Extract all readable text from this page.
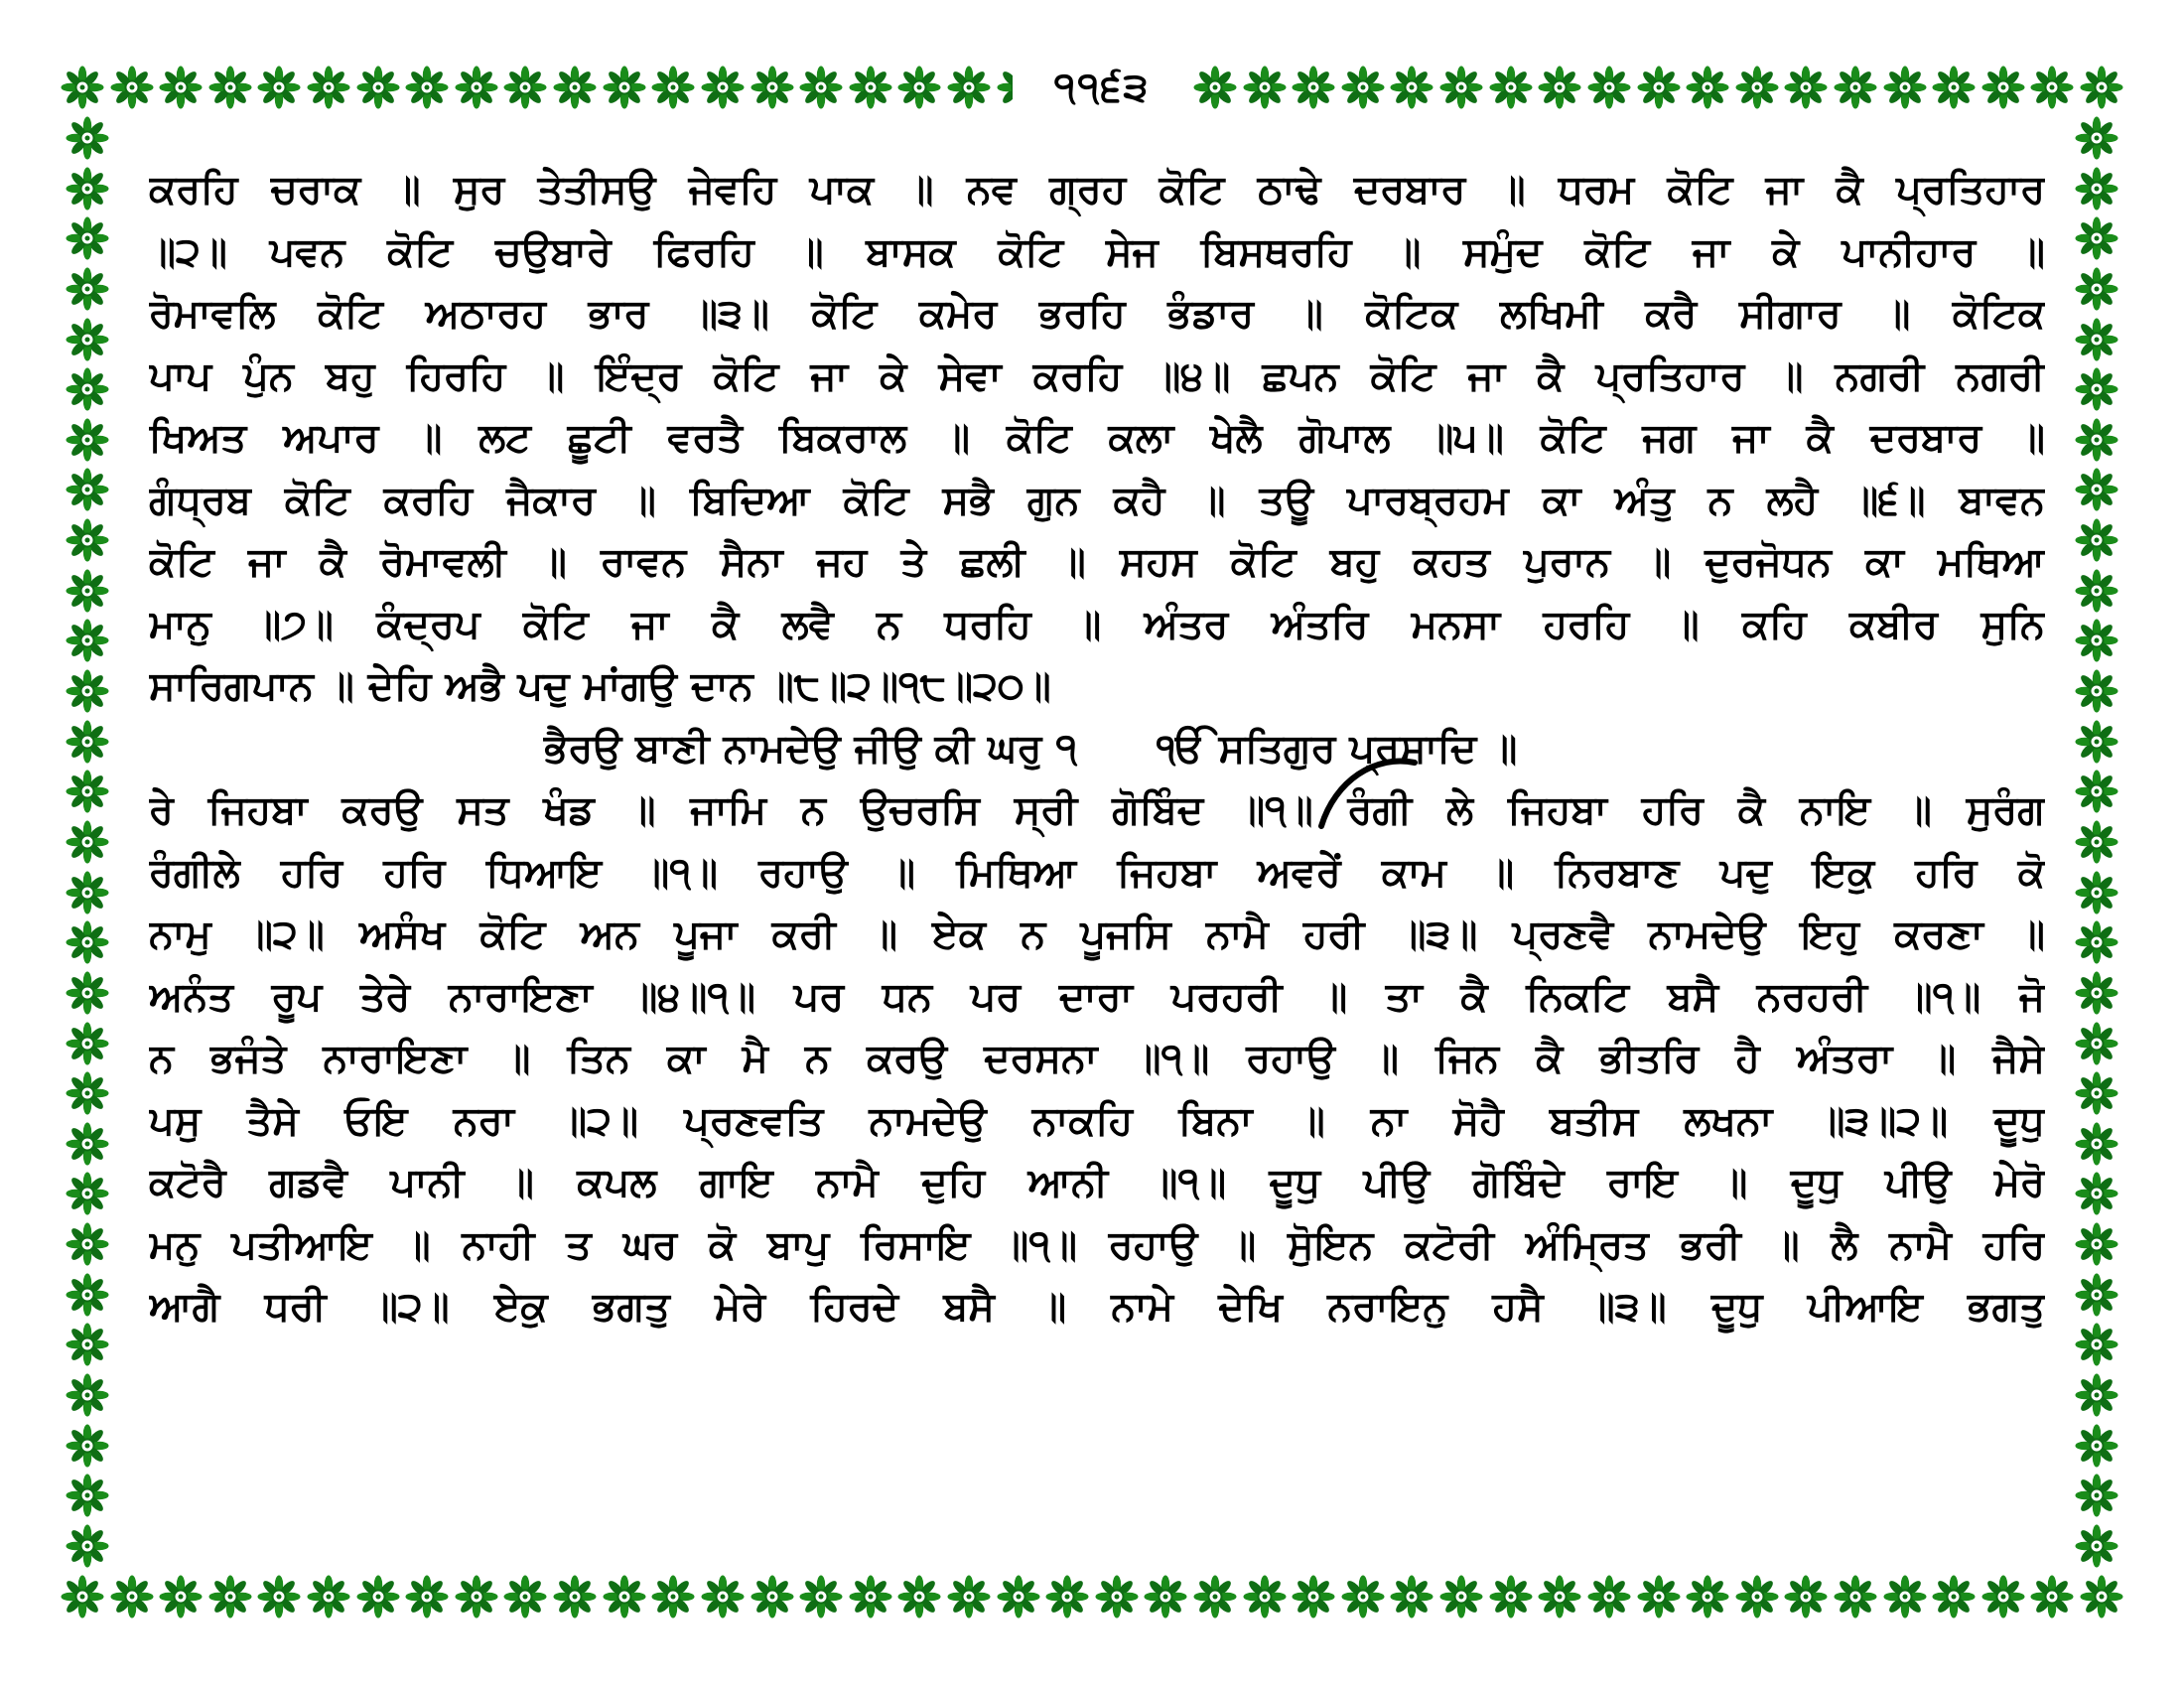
੧੧੬੩
ਕਰਹਿ ਚਰਾਕ ॥ ਸੁਰ ਤੇਤੀਸਉ ਜੇਵਹਿ ਪਾਕ ॥ ਨਵ ਗ੍ਰਹ ਕੋਟਿ ਠਾਢੇ ਦਰਬਾਰ ॥ ਧਰਮ ਕੋਟਿ ਜਾ ਕੈ ਪ੍ਰਤਿਹਾਰ
॥੨॥ ਪਵਨ ਕੋਟਿ ਚਉਬਾਰੇ ਫਿਰਹਿ ॥ ਬਾਸਕ ਕੋਟਿ ਸੇਜ ਬਿਸਥਰਹਿ ॥ ਸਮੁੰਦ ਕੋਟਿ ਜਾ ਕੇ ਪਾਨੀਹਾਰ ॥
ਰੋਮਾਵਲਿ ਕੋਟਿ ਅਠਾਰਹ ਭਾਰ ॥੩॥ ਕੋਟਿ ਕਮੇਰ ਭਰਹਿ ਭੰਡਾਰ ॥ ਕੋਟਿਕ ਲਖਿਮੀ ਕਰੈ ਸੀਗਾਰ ॥ ਕੋਟਿਕ
ਪਾਪ ਪੁੰਨ ਬਹੁ ਹਿਰਹਿ ॥ ਇੰਦ੍ਰ ਕੋਟਿ ਜਾ ਕੇ ਸੇਵਾ ਕਰਹਿ ॥੪॥ ਛਪਨ ਕੋਟਿ ਜਾ ਕੈ ਪ੍ਰਤਿਹਾਰ ॥ ਨਗਰੀ ਨਗਰੀ
ਖਿਅਤ ਅਪਾਰ ॥ ਲਟ ਛੂਟੀ ਵਰਤੈ ਬਿਕਰਾਲ ॥ ਕੋਟਿ ਕਲਾ ਖੇਲੈ ਗੋਪਾਲ ॥੫॥ ਕੋਟਿ ਜਗ ਜਾ ਕੈ ਦਰਬਾਰ ॥
ਗੰਧ੍ਰਬ ਕੋਟਿ ਕਰਹਿ ਜੈਕਾਰ ॥ ਬਿਦਿਆ ਕੋਟਿ ਸਭੈ ਗੁਨ ਕਹੈ ॥ ਤਊ ਪਾਰਬ੍ਰਹਮ ਕਾ ਅੰਤੁ ਨ ਲਹੈ ॥੬॥ ਬਾਵਨ
ਕੋਟਿ ਜਾ ਕੈ ਰੋਮਾਵਲੀ ॥ ਰਾਵਨ ਸੈਨਾ ਜਹ ਤੇ ਛਲੀ ॥ ਸਹਸ ਕੋਟਿ ਬਹੁ ਕਹਤ ਪੁਰਾਨ ॥ ਦੁਰਜੋਧਨ ਕਾ ਮਥਿਆ
ਮਾਨੁ ॥੭॥ ਕੰਦ੍ਰਪ ਕੋਟਿ ਜਾ ਕੈ ਲਵੈ ਨ ਧਰਹਿ ॥ ਅੰਤਰ ਅੰਤਰਿ ਮਨਸਾ ਹਰਹਿ ॥ ਕਹਿ ਕਬੀਰ ਸੁਨਿ
ਸਾਰਿਗਪਾਨ ॥ ਦੇਹਿ ਅਭੈ ਪਦੁ ਮਾਂਗਉ ਦਾਨ ॥੮॥੨॥੧੮॥੨੦॥
ਭੈਰਉ ਬਾਣੀ ਨਾਮਦੇਉ ਜੀਉ ਕੀ ਘਰੁ ੧ ੴ ਸਤਿਗੁਰ ਪ੍ਰਸਾਦਿ ॥
ਰੇ ਜਿਹਬਾ ਕਰਉ ਸਤ ਖੰਡ ॥ ਜਾਮਿ ਨ ਉਚਰਸਿ ਸ੍ਰੀ ਗੋਬਿੰਦ ॥੧॥ ਰੰਗੀ ਲੇ ਜਿਹਬਾ ਹਰਿ ਕੈ ਨਾਇ ॥ ਸੁਰੰਗ
ਰੰਗੀਲੇ ਹਰਿ ਹਰਿ ਧਿਆਇ ॥੧॥ ਰਹਾਉ ॥ ਮਿਥਿਆ ਜਿਹਬਾ ਅਵਰੇਂ ਕਾਮ ॥ ਨਿਰਬਾਣ ਪਦੁ ਇਕੁ ਹਰਿ ਕੋ
ਨਾਮੁ ॥੨॥ ਅਸੰਖ ਕੋਟਿ ਅਨ ਪੂਜਾ ਕਰੀ ॥ ਏਕ ਨ ਪੂਜਸਿ ਨਾਮੈ ਹਰੀ ॥੩॥ ਪ੍ਰਣਵੈ ਨਾਮਦੇਉ ਇਹੁ ਕਰਣਾ ॥
ਅਨੰਤ ਰੂਪ ਤੇਰੇ ਨਾਰਾਇਣਾ ॥੪॥੧॥ ਪਰ ਧਨ ਪਰ ਦਾਰਾ ਪਰਹਰੀ ॥ ਤਾ ਕੈ ਨਿਕਟਿ ਬਸੈ ਨਰਹਰੀ ॥੧॥ ਜੋ
ਨ ਭਜੰਤੇ ਨਾਰਾਇਣਾ ॥ ਤਿਨ ਕਾ ਮੈ ਨ ਕਰਉ ਦਰਸਨਾ ॥੧॥ ਰਹਾਉ ॥ ਜਿਨ ਕੈ ਭੀਤਰਿ ਹੈ ਅੰਤਰਾ ॥ ਜੈਸੇ
ਪਸੁ ਤੈਸੇ ਓਇ ਨਰਾ ॥੨॥ ਪ੍ਰਣਵਤਿ ਨਾਮਦੇਉ ਨਾਕਹਿ ਬਿਨਾ ॥ ਨਾ ਸੋਹੈ ਬਤੀਸ ਲਖਨਾ ॥੩॥੨॥ ਦੂਧੁ
ਕਟੋਰੈ ਗਡਵੈ ਪਾਨੀ ॥ ਕਪਲ ਗਾਇ ਨਾਮੈ ਦੁਹਿ ਆਨੀ ॥੧॥ ਦੂਧੁ ਪੀਉ ਗੋਬਿੰਦੇ ਰਾਇ ॥ ਦੂਧੁ ਪੀਉ ਮੇਰੋ
ਮਨੁ ਪਤੀਆਇ ॥ ਨਾਹੀ ਤ ਘਰ ਕੋ ਬਾਪੁ ਰਿਸਾਇ ॥੧॥ ਰਹਾਉ ॥ ਸੋੁਇਨ ਕਟੋਰੀ ਅੰਮ੍ਰਿਤ ਭਰੀ ॥ ਲੈ ਨਾਮੈ ਹਰਿ
ਆਗੈ ਧਰੀ ॥੨॥ ਏਕੁ ਭਗਤੁ ਮੇਰੇ ਹਿਰਦੇ ਬਸੈ ॥ ਨਾਮੇ ਦੇਖਿ ਨਰਾਇਨੁ ਹਸੈ ॥੩॥ ਦੂਧੁ ਪੀਆਇ ਭਗਤੁ
